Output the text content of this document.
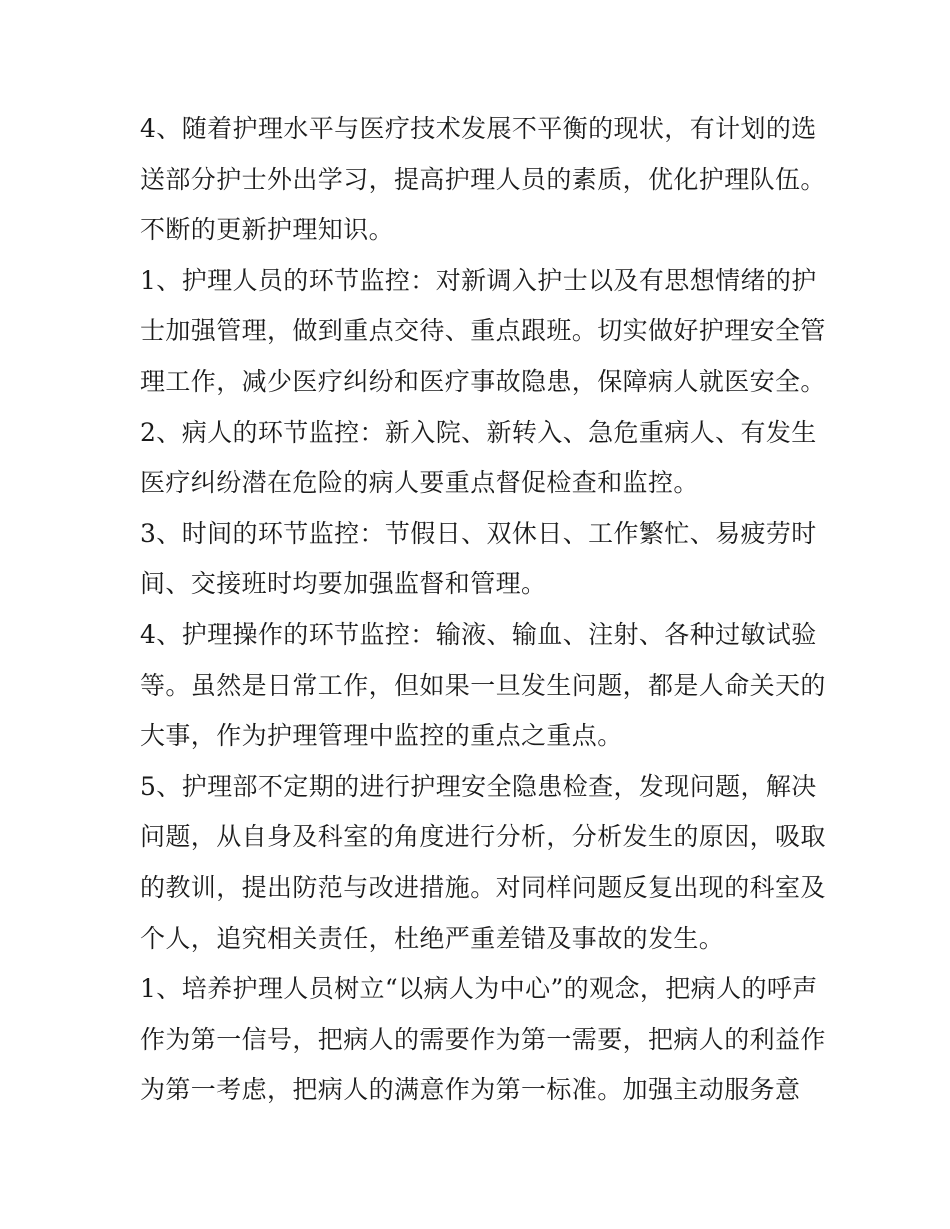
4、随着护理水平与医疗技术发展不平衡的现状，有计划的选
送部分护士外出学习，提高护理人员的素质，优化护理队伍。
不断的更新护理知识。

1、护理人员的环节监控：对新调入护士以及有思想情绪的护
士加强管理，做到重点交待、重点跟班。切实做好护理安全管
理工作，减少医疗纠纷和医疗事故隐患，保障病人就医安全。

2、病人的环节监控：新入院、新转入、急危重病人、有发生
医疗纠纷潜在危险的病人要重点督促检查和监控。

3、时间的环节监控：节假日、双休日、工作繁忙、易疲劳时
间、交接班时均要加强监督和管理。

4、护理操作的环节监控：输液、输血、注射、各种过敏试验
等。虽然是日常工作，但如果一旦发生问题，都是人命关天的
大事，作为护理管理中监控的重点之重点。

5、护理部不定期的进行护理安全隐患检查，发现问题，解决
问题，从自身及科室的角度进行分析，分析发生的原因，吸取
的教训，提出防范与改进措施。对同样问题反复出现的科室及
个人，追究相关责任，杜绝严重差错及事故的发生。

1、培养护理人员树立“以病人为中心”的观念，把病人的呼声
作为第一信号，把病人的需要作为第一需要，把病人的利益作
为第一考虑，把病人的满意作为第一标准。加强主动服务意
